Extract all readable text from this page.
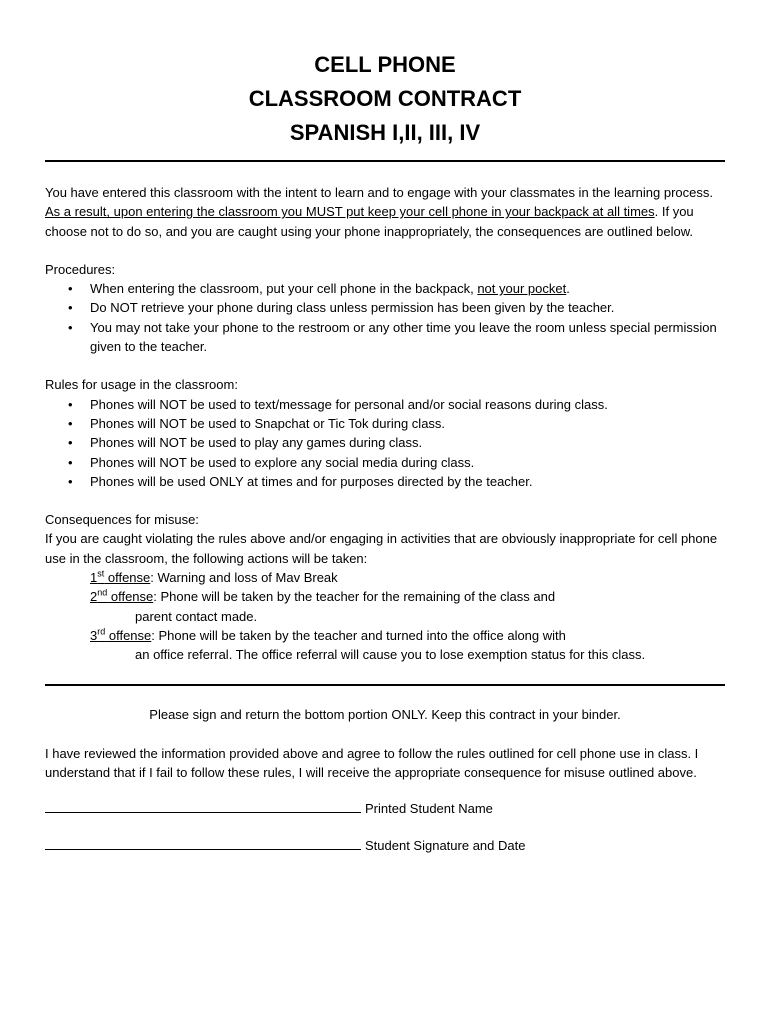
CELL PHONE
CLASSROOM CONTRACT
SPANISH I,II, III, IV

You have entered this classroom with the intent to learn and to engage with your classmates in the learning process. As a result, upon entering the classroom you MUST put keep your cell phone in your backpack at all times. If you choose not to do so, and you are caught using your phone inappropriately, the consequences are outlined below.

Procedures:

• When entering the classroom, put your cell phone in the backpack, not your pocket.
• Do NOT retrieve your phone during class unless permission has been given by the teacher.
• You may not take your phone to the restroom or any other time you leave the room unless special permission given to the teacher.

Rules for usage in the classroom:

• Phones will NOT be used to text/message for personal and/or social reasons during class.
• Phones will NOT be used to Snapchat or Tic Tok during class.
• Phones will NOT be used to play any games during class.
• Phones will NOT be used to explore any social media during class.
• Phones will be used ONLY at times and for purposes directed by the teacher.

Consequences for misuse:

If you are caught violating the rules above and/or engaging in activities that are obviously inappropriate for cell phone use in the classroom, the following actions will be taken:

1st offense: Warning and loss of Mav Break

2nd offense: Phone will be taken by the teacher for the remaining of the class and

parent contact made.

3rd offense: Phone will be taken by the teacher and turned into the office along with

an office referral. The office referral will cause you to lose exemption status for this class.

Please sign and return the bottom portion ONLY. Keep this contract in your binder.

I have reviewed the information provided above and agree to follow the rules outlined for cell phone use in class. I understand that if I fail to follow these rules, I will receive the appropriate consequence for misuse outlined above.

Printed Student Name

Student Signature and Date
